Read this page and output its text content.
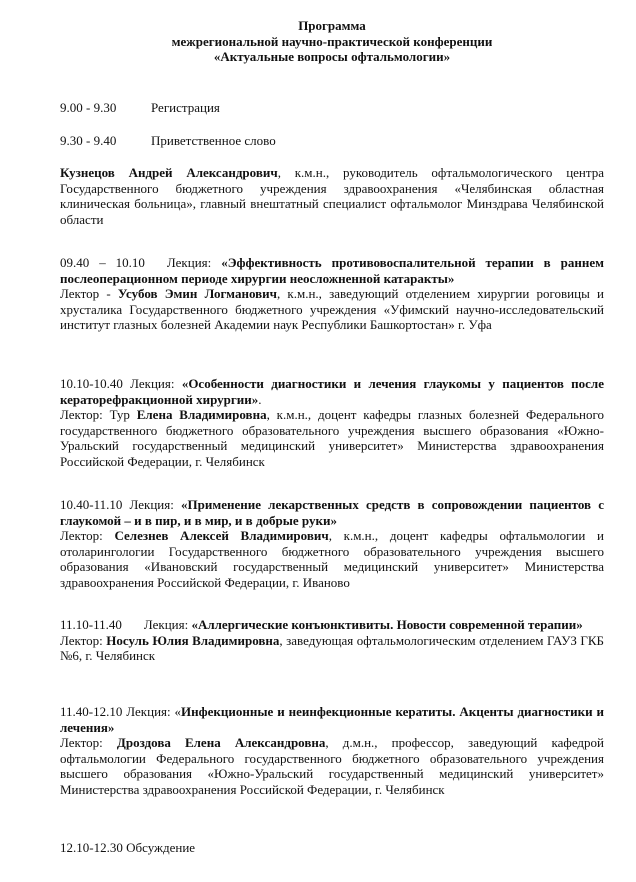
Программа
межрегиональной научно-практической конференции
«Актуальные вопросы офтальмологии»
9.00 - 9.30	Регистрация
9.30 - 9.40	Приветственное слово
Кузнецов Андрей Александрович, к.м.н., руководитель офтальмологического центра Государственного бюджетного учреждения здравоохранения «Челябинская областная клиническая больница», главный внештатный специалист офтальмолог Минздрава Челябинской области
09.40 – 10.10 Лекция: «Эффективность противовоспалительной терапии в раннем послеоперационном периоде хирургии неосложненной катаракты»
Лектор - Усубов Эмин Логманович, к.м.н., заведующий отделением хирургии роговицы и хрусталика Государственного бюджетного учреждения «Уфимский научно-исследовательский институт глазных болезней Академии наук Республики Башкортостан» г. Уфа
10.10-10.40 Лекция: «Особенности диагностики и лечения глаукомы у пациентов после кераторефракционной хирургии».
Лектор: Тур Елена Владимировна, к.м.н., доцент кафедры глазных болезней Федерального государственного бюджетного образовательного учреждения высшего образования «Южно-Уральский государственный медицинский университет» Министерства здравоохранения Российской Федерации, г. Челябинск
10.40-11.10 Лекция: «Применение лекарственных средств в сопровождении пациентов с глаукомой – и в пир, и в мир, и в добрые руки»
Лектор: Селезнев Алексей Владимирович, к.м.н., доцент кафедры офтальмологии и отоларингологии Государственного бюджетного образовательного учреждения высшего образования «Ивановский государственный медицинский университет» Министерства здравоохранения Российской Федерации, г. Иваново
11.10-11.40 Лекция: «Аллергические конъюнктивиты. Новости современной терапии»
Лектор: Носуль Юлия Владимировна, заведующая офтальмологическим отделением ГАУЗ ГКБ №6, г. Челябинск
11.40-12.10 Лекция: «Инфекционные и неинфекционные кератиты. Акценты диагностики и лечения»
Лектор: Дроздова Елена Александровна, д.м.н., профессор, заведующий кафедрой офтальмологии Федерального государственного бюджетного образовательного учреждения высшего образования «Южно-Уральский государственный медицинский университет» Министерства здравоохранения Российской Федерации, г. Челябинск
12.10-12.30 Обсуждение
